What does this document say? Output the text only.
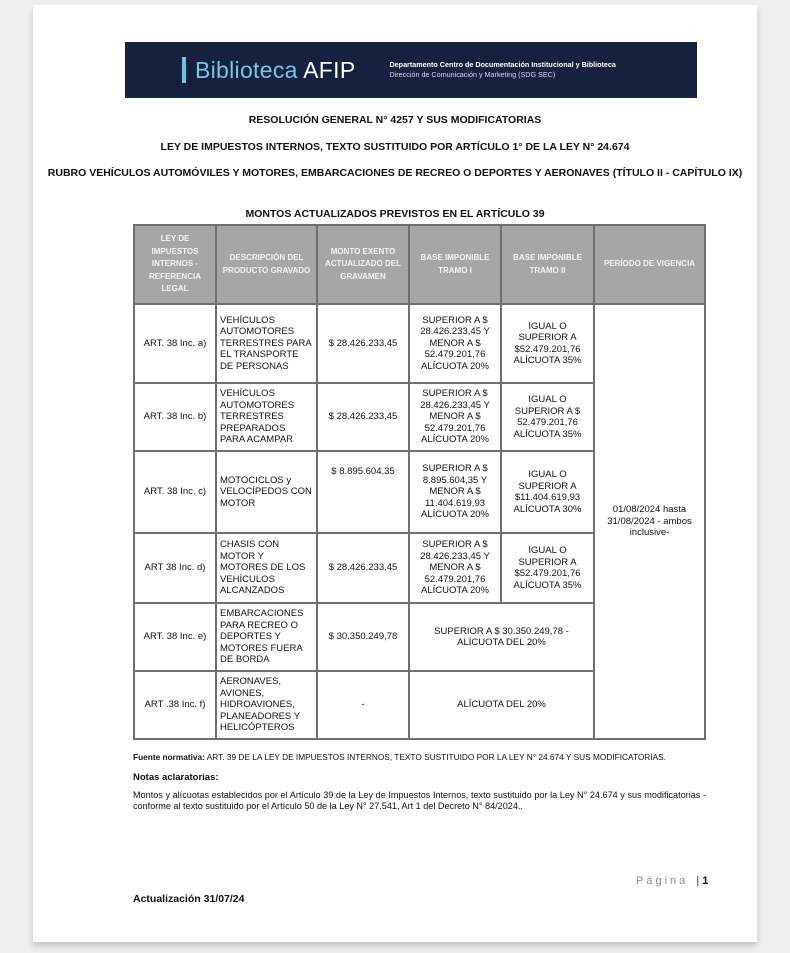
Biblioteca AFIP	Departamento Centro de Documentación Institucional y Biblioteca
Dirección de Comunicación y Marketing (SDG SEC)
RESOLUCIÓN GENERAL N° 4257 Y SUS MODIFICATORIAS
LEY DE IMPUESTOS INTERNOS, TEXTO SUSTITUIDO POR ARTÍCULO 1° DE LA LEY N° 24.674
RUBRO VEHÍCULOS AUTOMÓVILES Y MOTORES, EMBARCACIONES DE RECREO O DEPORTES Y AERONAVES (TÍTULO II - CAPÍTULO IX)
MONTOS ACTUALIZADOS PREVISTOS EN EL ARTÍCULO 39
LEY DE IMPUESTOS INTERNOS - REFERENCIA LEGAL	DESCRIPCIÓN DEL PRODUCTO GRAVADO	MONTO EXENTO ACTUALIZADO DEL GRAVAMEN	BASE IMPONIBLE TRAMO I	BASE IMPONIBLE TRAMO II	PERÍODO DE VIGENCIA
ART. 38 Inc. a)	VEHÍCULOS AUTOMOTORES TERRESTRES PARA EL TRANSPORTE DE PERSONAS	$ 28.426.233,45	SUPERIOR A $ 28.426.233,45 Y MENOR A $ 52.479.201,76 ALÍCUOTA 20%	IGUAL O SUPERIOR A $52.479.201,76 ALÍCUOTA 35%	01/08/2024 hasta 31/08/2024 - ambos inclusive-
ART. 38 Inc. b)	VEHÍCULOS AUTOMOTORES TERRESTRES PREPARADOS PARA ACAMPAR	$ 28.426.233,45	SUPERIOR A $ 28.426.233,45 Y MENOR A $ 52.479.201,76 ALÍCUOTA 20%	IGUAL O SUPERIOR A $ 52.479.201,76 ALÍCUOTA 35%	
ART. 38 Inc. c)	MOTOCICLOS y VELOCÍPEDOS CON MOTOR	$ 8.895.604,35	SUPERIOR A $ 8.895.604,35 Y MENOR A $ 11.404.619,93 ALÍCUOTA 20%	IGUAL O SUPERIOR A $11.404.619,93 ALÍCUOTA 30%	
ART 38 Inc. d)	CHASIS CON MOTOR Y MOTORES DE LOS VEHÍCULOS ALCANZADOS	$ 28.426.233,45	SUPERIOR A $ 28.426.233,45 Y MENOR A $ 52.479.201,76 ALÍCUOTA 20%	IGUAL O SUPERIOR A $52.479.201,76 ALÍCUOTA 35%	
ART. 38 Inc. e)	EMBARCACIONES PARA RECREO O DEPORTES Y MOTORES FUERA DE BORDA	$ 30.350.249,78	SUPERIOR A $ 30.350.249,78 - ALÍCUOTA DEL 20%		
ART .38 Inc. f)	AERONAVES, AVIONES, HIDROAVIONES, PLANEADORES Y HELICÓPTEROS	-	ALÍCUOTA DEL 20%		
Fuente normativa: ART. 39 DE LA LEY DE IMPUESTOS INTERNOS, TEXTO SUSTITUIDO POR LA LEY N° 24.674 Y SUS MODIFICATORIAS.
Notas aclaratorias:
Montos y alícuotas establecidos por el Artículo 39 de la Ley de Impuestos Internos, texto sustituido por la Ley N° 24.674 y sus modificatorias -conforme al texto sustituido por el Artículo 50 de la Ley N° 27.541, Art 1 del Decreto N° 84/2024..
Página | 1
Actualización 31/07/24
